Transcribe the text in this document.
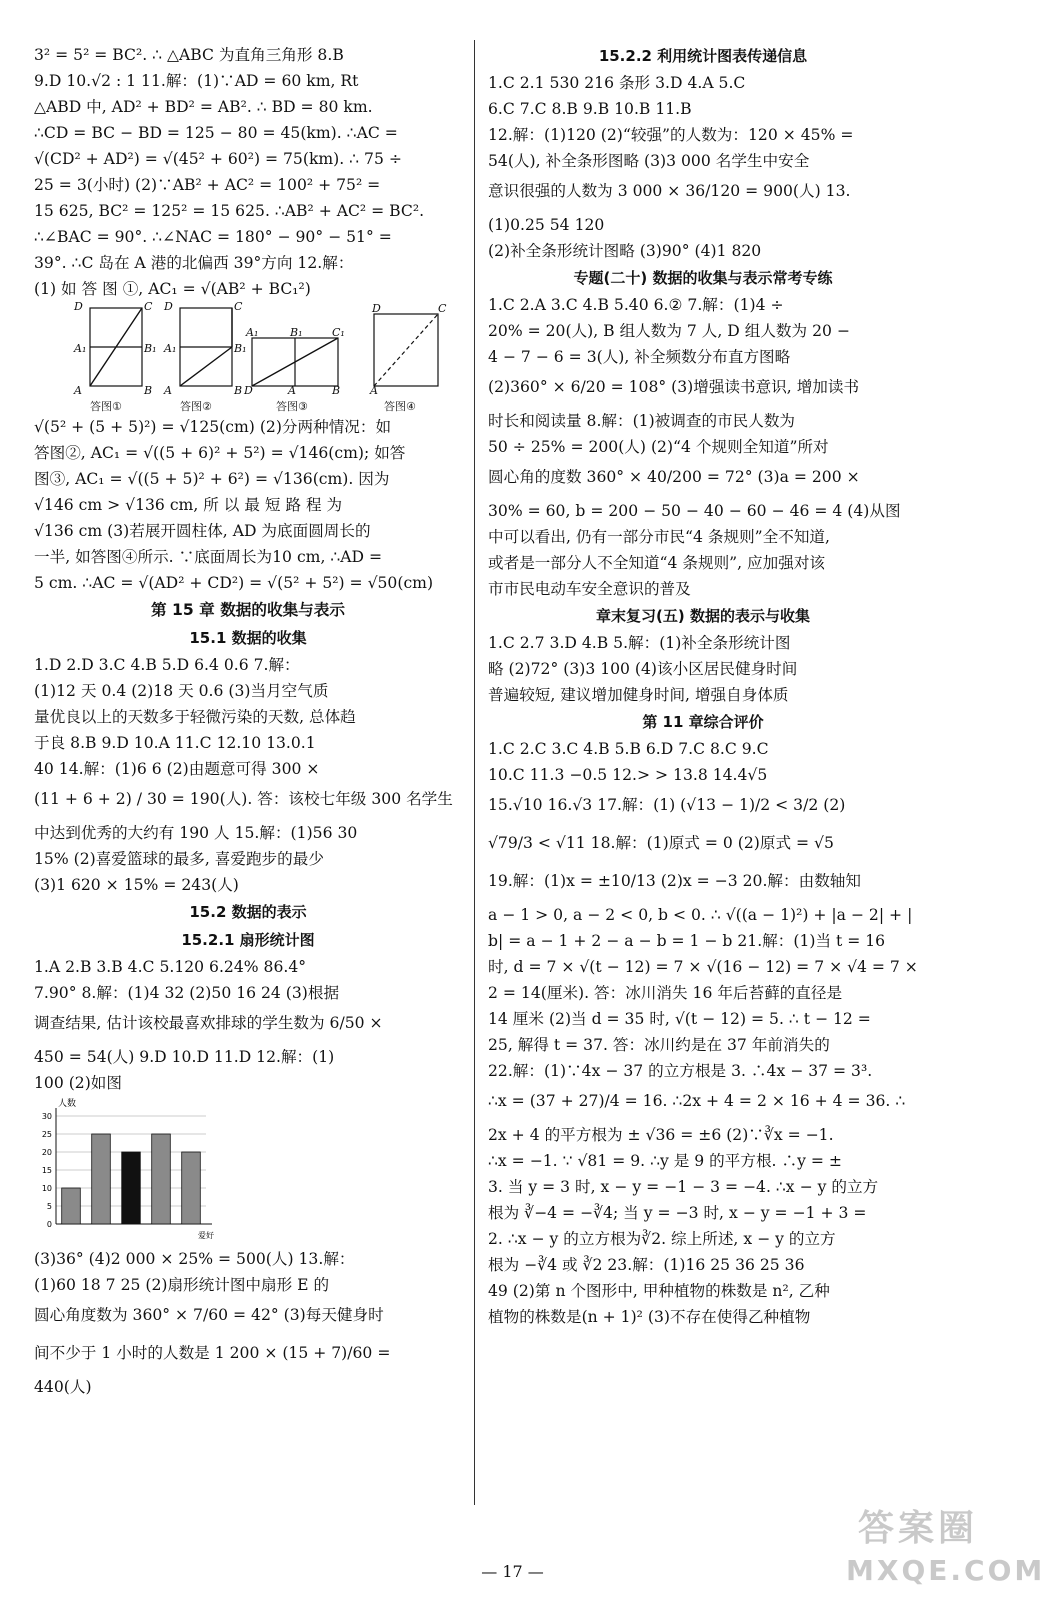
3² = 5² = BC². ∴ △ABC 为直角三角形 8.B
9.D 10.√2 : 1 11.解：(1)∵AD = 60 km, Rt
△ABD 中, AD² + BD² = AB². ∴ BD = 80 km.
∴CD = BC − BD = 125 − 80 = 45(km). ∴AC =
√(CD² + AD²) = √(45² + 60²) = 75(km). ∴ 75 ÷
25 = 3(小时) (2)∵AB² + AC² = 100² + 75² =
15 625, BC² = 125² = 15 625. ∴AB² + AC² = BC².
∴∠BAC = 90°. ∴∠NAC = 180° − 90° − 51° =
39°. ∴C 岛在 A 港的北偏西 39°方向 12.解：
(1) 如 答 图 ①, AC₁ = √(AB² + BC₁²)
D	C
A₁	B₁
A	B
答图①
D	C
A₁	B₁
A	B
答图②
A₁	B₁	C₁
D	A	B
答图③
D	C
A
答图④
√(5² + (5 + 5)²) = √125(cm) (2)分两种情况：如
答图②, AC₁ = √((5 + 6)² + 5²) = √146(cm); 如答
图③, AC₁ = √((5 + 5)² + 6²) = √136(cm). 因为
√146 cm > √136 cm, 所 以 最 短 路 程 为
√136 cm (3)若展开圆柱体, AD 为底面圆周长的
一半, 如答图④所示. ∵底面周长为10 cm, ∴AD =
5 cm. ∴AC = √(AD² + CD²) = √(5² + 5²) = √50(cm)
第 15 章 数据的收集与表示
15.1 数据的收集
1.D 2.D 3.C 4.B 5.D 6.4 0.6 7.解：
(1)12 天 0.4 (2)18 天 0.6 (3)当月空气质
量优良以上的天数多于轻微污染的天数, 总体趋
于良 8.B 9.D 10.A 11.C 12.10 13.0.1
40 14.解：(1)6 6 (2)由题意可得 300 ×
(11 + 6 + 2) / 30 = 190(人). 答：该校七年级 300 名学生
中达到优秀的大约有 190 人 15.解：(1)56 30
15% (2)喜爱篮球的最多, 喜爱跑步的最少
(3)1 620 × 15% = 243(人)
15.2 数据的表示
15.2.1 扇形统计图
1.A 2.B 3.B 4.C 5.120 6.24% 86.4°
7.90° 8.解：(1)4 32 (2)50 16 24 (3)根据
调查结果, 估计该校最喜欢排球的学生数为 6/50 ×
450 = 54(人) 9.D 10.D 11.D 12.解：(1)
100 (2)如图
0
5
10
15
20
25
30
人数
爱好
(3)36° (4)2 000 × 25% = 500(人) 13.解：
(1)60 18 7 25 (2)扇形统计图中扇形 E 的
圆心角度数为 360° × 7/60 = 42° (3)每天健身时
间不少于 1 小时的人数是 1 200 × (15 + 7)/60 =
440(人)
15.2.2 利用统计图表传递信息
1.C 2.1 530 216 条形 3.D 4.A 5.C
6.C 7.C 8.B 9.B 10.B 11.B
12.解：(1)120 (2)“较强”的人数为：120 × 45% =
54(人), 补全条形图略 (3)3 000 名学生中安全
意识很强的人数为 3 000 × 36/120 = 900(人) 13.
(1)0.25 54 120
(2)补全条形统计图略 (3)90° (4)1 820
专题(二十) 数据的收集与表示常考专练
1.C 2.A 3.C 4.B 5.40 6.② 7.解：(1)4 ÷
20% = 20(人), B 组人数为 7 人, D 组人数为 20 −
4 − 7 − 6 = 3(人), 补全频数分布直方图略
(2)360° × 6/20 = 108° (3)增强读书意识, 增加读书
时长和阅读量 8.解：(1)被调查的市民人数为
50 ÷ 25% = 200(人) (2)“4 个规则全知道”所对
圆心角的度数 360° × 40/200 = 72° (3)a = 200 ×
30% = 60, b = 200 − 50 − 40 − 60 − 46 = 4 (4)从图
中可以看出, 仍有一部分市民“4 条规则”全不知道,
或者是一部分人不全知道“4 条规则”, 应加强对该
市市民电动车安全意识的普及
章末复习(五) 数据的表示与收集
1.C 2.7 3.D 4.B 5.解：(1)补全条形统计图
略 (2)72° (3)3 100 (4)该小区居民健身时间
普遍较短, 建议增加健身时间, 增强自身体质
第 11 章综合评价
1.C 2.C 3.C 4.B 5.B 6.D 7.C 8.C 9.C
10.C 11.3 −0.5 12.> > 13.8 14.4√5
15.√10 16.√3 17.解：(1) (√13 − 1)/2 < 3/2 (2)
√79/3 < √11 18.解：(1)原式 = 0 (2)原式 = √5
19.解：(1)x = ±10/13 (2)x = −3 20.解：由数轴知
a − 1 > 0, a − 2 < 0, b < 0. ∴ √((a − 1)²) + |a − 2| + |
b| = a − 1 + 2 − a − b = 1 − b 21.解：(1)当 t = 16
时, d = 7 × √(t − 12) = 7 × √(16 − 12) = 7 × √4 = 7 ×
2 = 14(厘米). 答：冰川消失 16 年后苔藓的直径是
14 厘米 (2)当 d = 35 时, √(t − 12) = 5. ∴ t − 12 =
25, 解得 t = 37. 答：冰川约是在 37 年前消失的
22.解：(1)∵4x − 37 的立方根是 3. ∴4x − 37 = 3³.
∴x = (37 + 27)/4 = 16. ∴2x + 4 = 2 × 16 + 4 = 36. ∴
2x + 4 的平方根为 ± √36 = ±6 (2)∵∛x = −1.
∴x = −1. ∵ √81 = 9. ∴y 是 9 的平方根. ∴y = ±
3. 当 y = 3 时, x − y = −1 − 3 = −4. ∴x − y 的立方
根为 ∛−4 = −∛4; 当 y = −3 时, x − y = −1 + 3 =
2. ∴x − y 的立方根为∛2. 综上所述, x − y 的立方
根为 −∛4 或 ∛2 23.解：(1)16 25 36 25 36
49 (2)第 n 个图形中, 甲种植物的株数是 n², 乙种
植物的株数是(n + 1)² (3)不存在使得乙种植物
— 17 —
答案圈
MXQE.COM
